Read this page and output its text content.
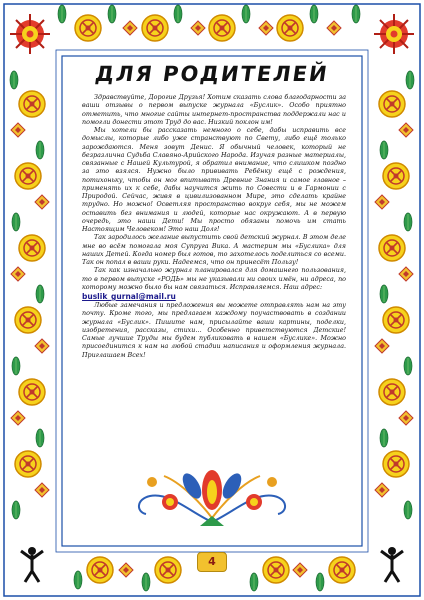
ДЛЯ РОДИТЕЛЕЙ

Здравствуйте, Дорогие Друзья! Хотим сказать слова благодарности за ваши отзывы о первом выпуске журнала «Буслик». Особо приятно отметить, что многие сайты интернет-пространства поддержали нас и помогли донести этот Труд до вас. Низкий поклон им!

Мы хотели бы рассказать немного о себе, дабы исправить все домыслы, которые либо уже странствуют по Свету, либо ещё только зарождаются. Меня зовут Денис. Я обычный человек, который не безразлична Судьба Славяно-Арийского Народа. Изучая разные материалы, связанные с Нашей Культурой, я обратил внимание, что слишком поздно за это взялся. Нужно было прививать Ребёнку ещё с рождения, потихоньку, чтобы он мог впитывать Древние Знания и самое главное – применять их к себе, дабы научится жить по Совести и в Гармонии с Природой. Сейчас, живя в цивилизованном Мире, это сделать крайне трудно. Но можно! Осветляя пространство вокруг себя, мы не можем оставить без внимания и людей, которые нас окружают. А в первую очередь, это наши Дети! Мы просто обязаны помочь им стать Настоящим Человеком! Это наш Долг!

Так зародилось желание выпустить свой детский журнал. В этом деле мне во всём помогала моя Супруга Вика. А мастерим мы «Буслика» для наших Детей. Когда номер был готов, то захотелось поделиться со всеми. Так он попал в ваши руки. Надеемся, что он принесёт Пользу!

Так как изначально журнал планировался для домашнего пользования, то в первом выпуске «РОДЬ» мы не указывали ни своих имён, ни адреса, по которому можно было бы нам связаться. Исправляемся. Наш адрес:

buslik_gurnal@mail.ru

Любые замечания и предложения вы можете отправлять нам на эту почту. Кроме того, мы предлагаем каждому поучаствовать в создании журнала «Буслик». Пишите нам, присылайте ваши картины, поделки, изобретения, рассказы, стихи… Особенно приветствуются Детские! Самые лучшие Труды мы будем публиковать в нашем «Буслике». Можно присоединится к нам на любой стадии написания и оформления журнала. Приглашаем Всех!

4
